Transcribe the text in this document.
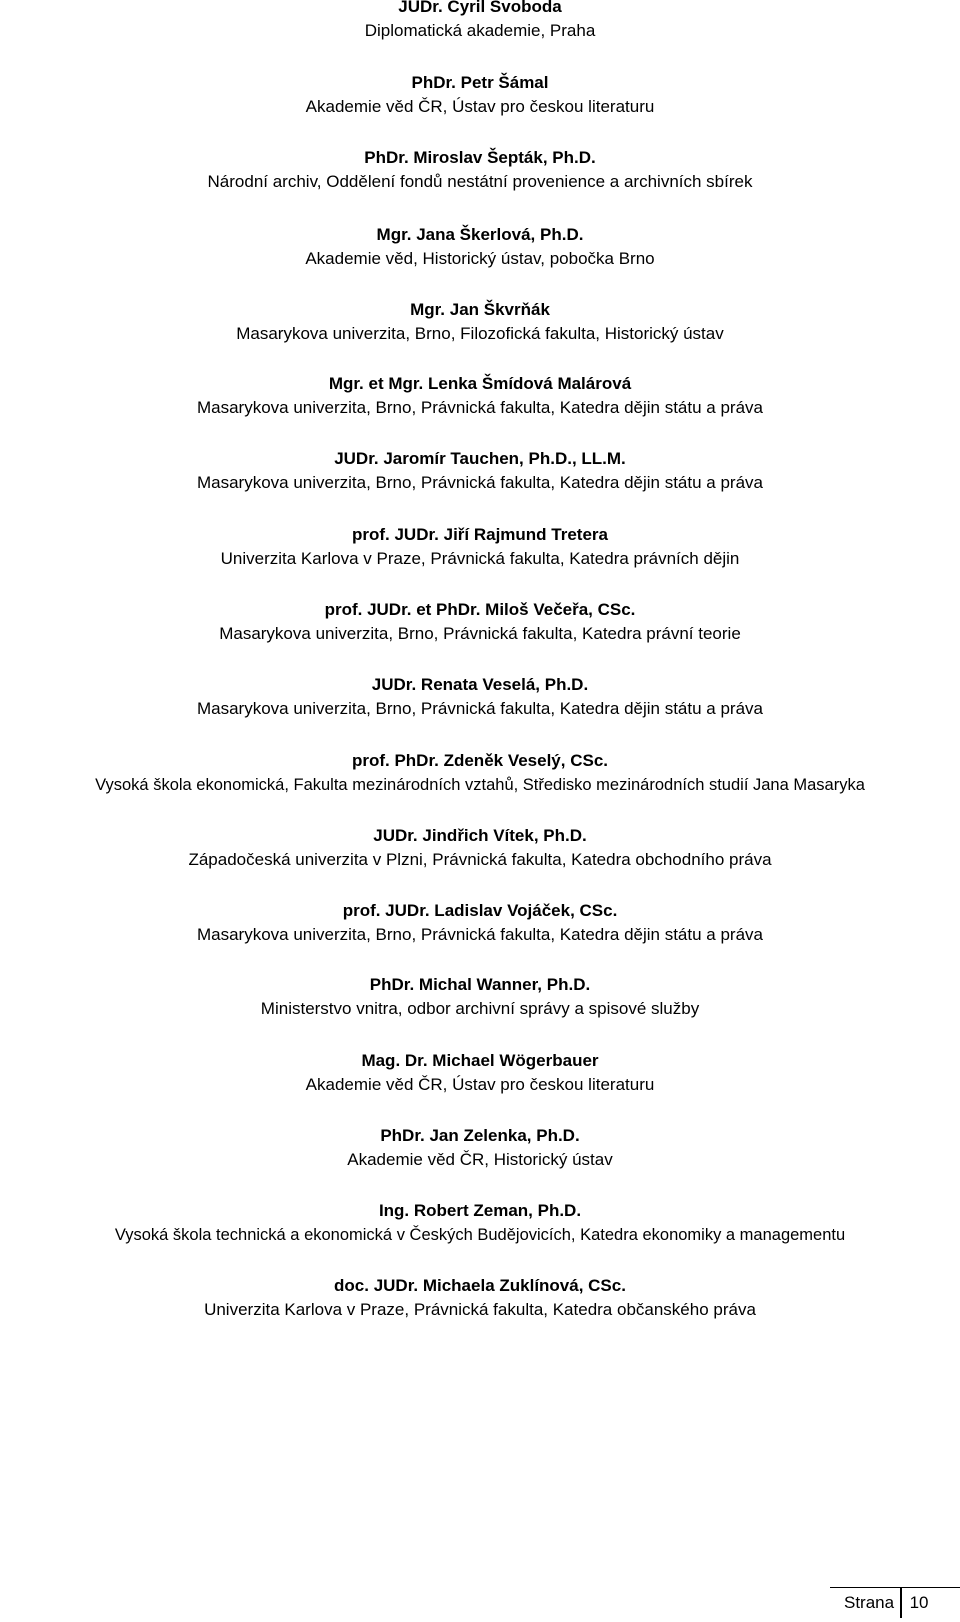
JUDr. Cyril Svoboda
Diplomatická akademie, Praha
PhDr. Petr Šámal
Akademie věd ČR, Ústav pro českou literaturu
PhDr. Miroslav Šepták, Ph.D.
Národní archiv, Oddělení fondů nestátní provenience a archivních sbírek
Mgr. Jana Škerlová, Ph.D.
Akademie věd, Historický ústav, pobočka Brno
Mgr. Jan Škvrňák
Masarykova univerzita, Brno, Filozofická fakulta, Historický ústav
Mgr. et Mgr. Lenka Šmídová Malárová
Masarykova univerzita, Brno, Právnická fakulta, Katedra dějin státu a práva
JUDr. Jaromír Tauchen, Ph.D., LL.M.
Masarykova univerzita, Brno, Právnická fakulta, Katedra dějin státu a práva
prof. JUDr. Jiří Rajmund Tretera
Univerzita Karlova v Praze, Právnická fakulta, Katedra právních dějin
prof. JUDr. et PhDr. Miloš Večeřa, CSc.
Masarykova univerzita, Brno, Právnická fakulta, Katedra právní teorie
JUDr. Renata Veselá, Ph.D.
Masarykova univerzita, Brno, Právnická fakulta, Katedra dějin státu a práva
prof. PhDr. Zdeněk Veselý, CSc.
Vysoká škola ekonomická, Fakulta mezinárodních vztahů, Středisko mezinárodních studií Jana Masaryka
JUDr. Jindřich Vítek, Ph.D.
Západočeská univerzita v Plzni, Právnická fakulta, Katedra obchodního práva
prof. JUDr. Ladislav Vojáček, CSc.
Masarykova univerzita, Brno, Právnická fakulta, Katedra dějin státu a práva
PhDr. Michal Wanner, Ph.D.
Ministerstvo vnitra, odbor archivní správy a spisové služby
Mag. Dr. Michael Wögerbauer
Akademie věd ČR, Ústav pro českou literaturu
PhDr. Jan Zelenka, Ph.D.
Akademie věd ČR, Historický ústav
Ing. Robert Zeman, Ph.D.
Vysoká škola technická a ekonomická v Českých Budějovicích, Katedra ekonomiky a managementu
doc. JUDr. Michaela Zuklínová, CSc.
Univerzita Karlova v Praze, Právnická fakulta, Katedra občanského práva
Strana 10
